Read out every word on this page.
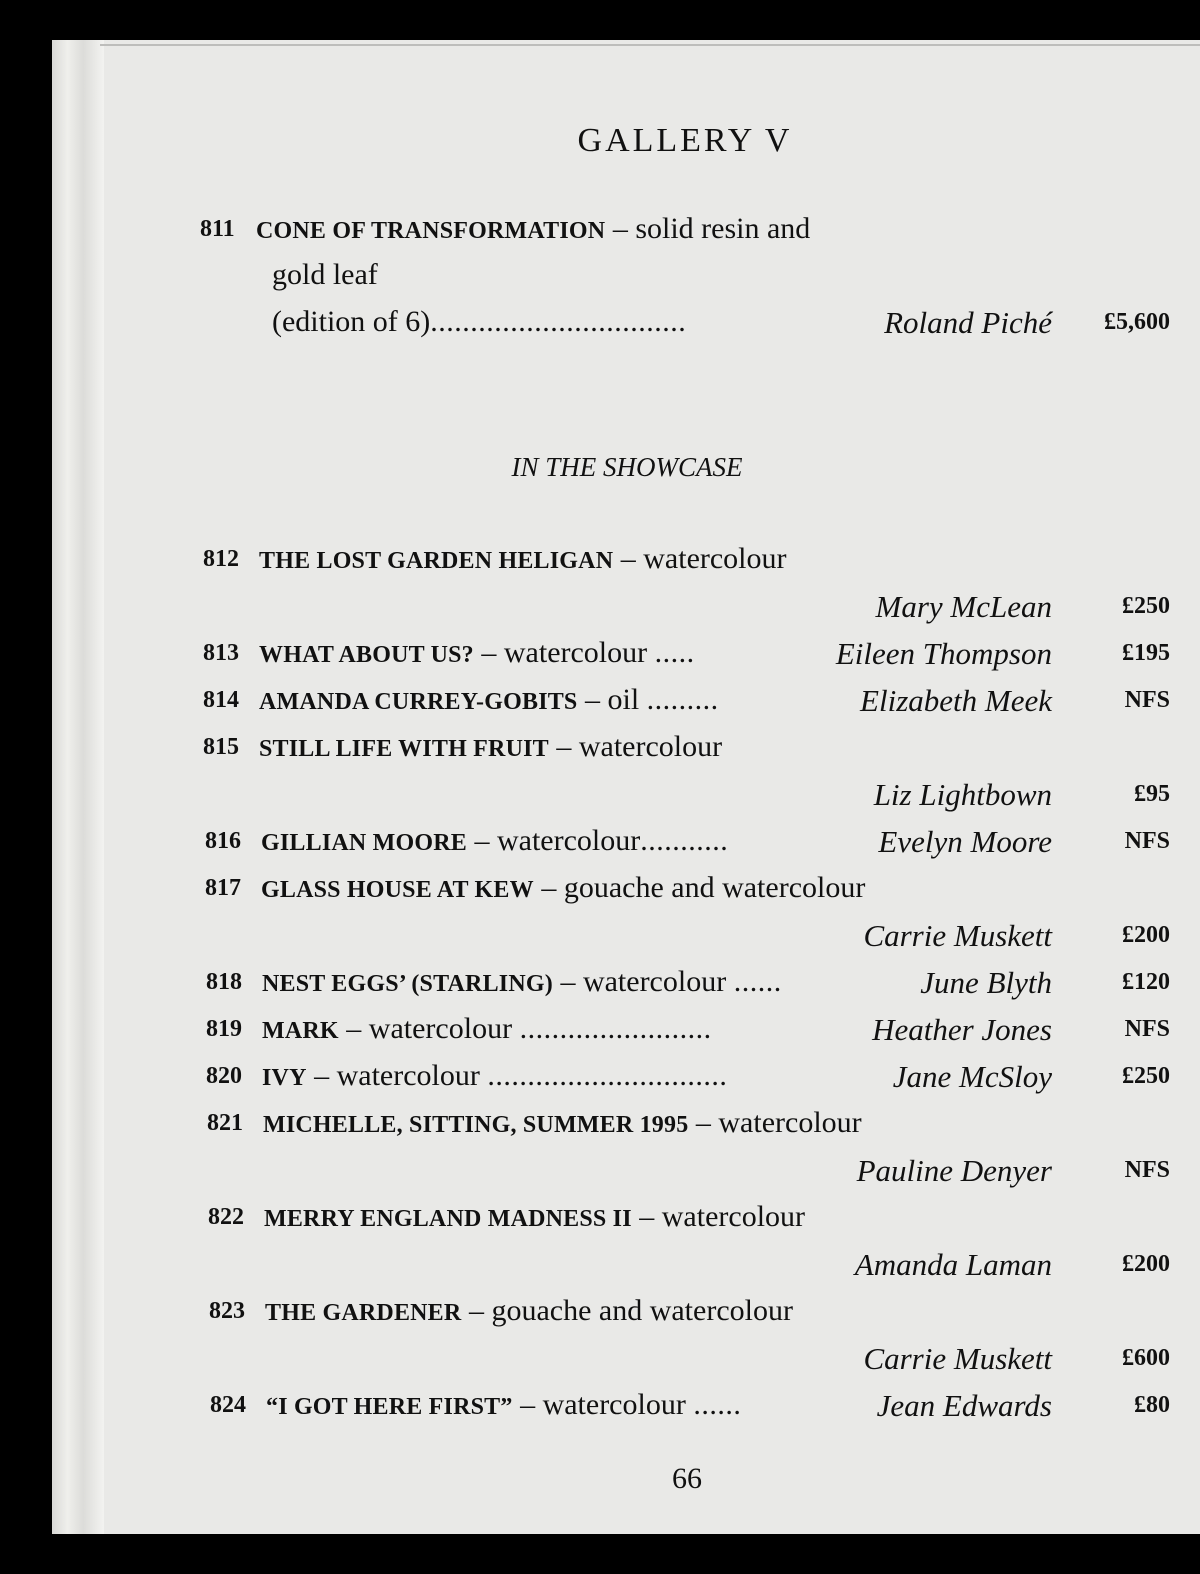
GALLERY V
811 CONE OF TRANSFORMATION – solid resin and
gold leaf
(edition of 6)................................	Roland Piché £5,600
IN THE SHOWCASE
812 THE LOST GARDEN HELIGAN – watercolour
Mary McLean	£250
813 WHAT ABOUT US? – watercolour .....	Eileen Thompson	£195
814 AMANDA CURREY-GOBITS – oil .........	Elizabeth Meek	NFS
815 STILL LIFE WITH FRUIT – watercolour
Liz Lightbown	£95
816 GILLIAN MOORE – watercolour...........	Evelyn Moore	NFS
817 GLASS HOUSE AT KEW – gouache and watercolour
Carrie Muskett	£200
818 NEST EGGS’ (STARLING) – watercolour ......	June Blyth	£120
819 MARK – watercolour ........................	Heather Jones	NFS
820 IVY – watercolour ..............................	Jane McSloy	£250
821 MICHELLE, SITTING, SUMMER 1995 – watercolour
Pauline Denyer	NFS
822 MERRY ENGLAND MADNESS II – watercolour
Amanda Laman	£200
823 THE GARDENER – gouache and watercolour
Carrie Muskett	£600
824 “I GOT HERE FIRST” – watercolour ......	Jean Edwards	£80
66
